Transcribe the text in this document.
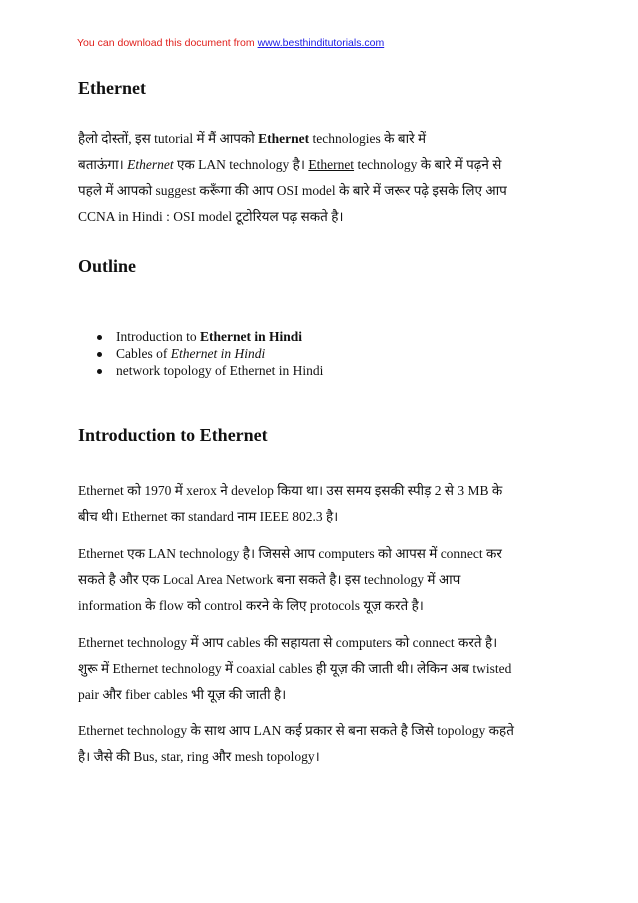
You can download this document from www.besthinditutorials.com
Ethernet
हैलो दोस्तों, इस tutorial में मैं आपको Ethernet technologies के बारे में
बताऊंगा। Ethernet एक LAN technology है। Ethernet technology के बारे में पढ़ने से
पहले में आपको suggest करूँगा की आप OSI model के बारे में जरूर पढ़े इसके लिए आप
CCNA in Hindi : OSI model टूटोरियल पढ़ सकते है।
Outline
Introduction to Ethernet in Hindi
Cables of Ethernet in Hindi
network topology of Ethernet in Hindi
Introduction to Ethernet
Ethernet को 1970 में xerox ने develop किया था। उस समय इसकी स्पीड़ 2 से 3 MB के
बीच थी। Ethernet का standard नाम IEEE 802.3 है।
Ethernet एक LAN technology है। जिससे आप computers को आपस में connect कर
सकते है और एक Local Area Network बना सकते है। इस technology में आप
information के flow को control करने के लिए protocols यूज़ करते है।
Ethernet technology में आप cables की सहायता से computers को connect करते है।
शुरू में Ethernet technology में coaxial cables ही यूज़ की जाती थी। लेकिन अब twisted
pair और fiber cables भी यूज़ की जाती है।
Ethernet technology के साथ आप LAN कई प्रकार से बना सकते है जिसे topology कहते
है। जैसे की Bus, star, ring और mesh topology।
